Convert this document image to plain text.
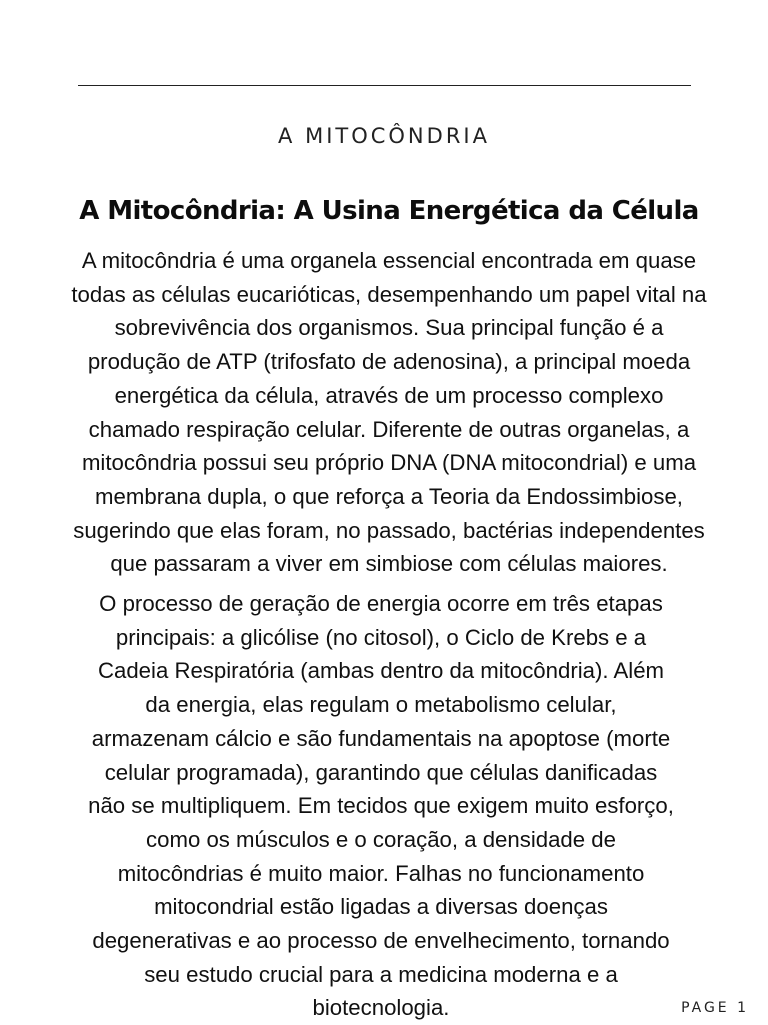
A MITOCÔNDRIA
A Mitocôndria: A Usina Energética da Célula
A mitocôndria é uma organela essencial encontrada em quase
todas as células eucarióticas, desempenhando um papel vital na
sobrevivência dos organismos. Sua principal função é a
produção de ATP (trifosfato de adenosina), a principal moeda
energética da célula, através de um processo complexo
chamado respiração celular. Diferente de outras organelas, a
mitocôndria possui seu próprio DNA (DNA mitocondrial) e uma
membrana dupla, o que reforça a Teoria da Endossimbiose,
sugerindo que elas foram, no passado, bactérias independentes
que passaram a viver em simbiose com células maiores.
O processo de geração de energia ocorre em três etapas
principais: a glicólise (no citosol), o Ciclo de Krebs e a
Cadeia Respiratória (ambas dentro da mitocôndria). Além
da energia, elas regulam o metabolismo celular,
armazenam cálcio e são fundamentais na apoptose (morte
celular programada), garantindo que células danificadas
não se multipliquem. Em tecidos que exigem muito esforço,
como os músculos e o coração, a densidade de
mitocôndrias é muito maior. Falhas no funcionamento
mitocondrial estão ligadas a diversas doenças
degenerativas e ao processo de envelhecimento, tornando
seu estudo crucial para a medicina moderna e a
biotecnologia.	PAGE 1
